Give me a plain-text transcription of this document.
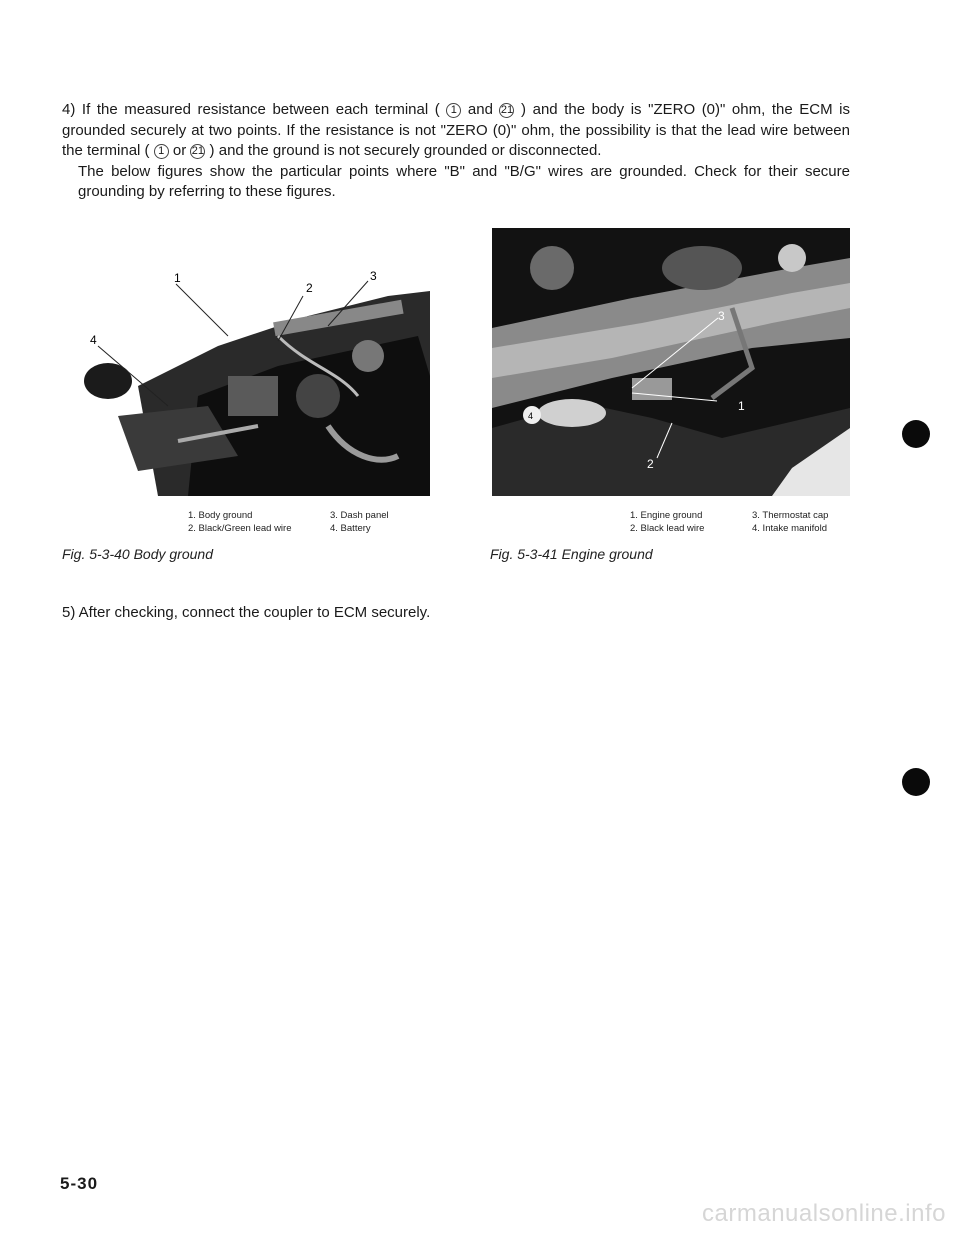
4) If the measured resistance between each terminal ( 1 and 21 ) and the body is "ZERO (0)" ohm, the ECM is grounded securely at two points. If the resistance is not "ZERO (0)" ohm, the possibility is that the lead wire between the terminal ( 1 or 21 ) and the ground is not securely grounded or disconnected.
The below figures show the particular points where "B" and "B/G" wires are grounded. Check for their secure grounding by referring to these figures.
1
2
3
4
3
1
2
4
1. Body ground
2. Black/Green lead wire
3. Dash panel
4. Battery
1. Engine ground
2. Black lead wire
3. Thermostat cap
4. Intake manifold
Fig. 5-3-40 Body ground	Fig. 5-3-41 Engine ground
5) After checking, connect the coupler to ECM securely.
5-30
carmanualsonline.info
